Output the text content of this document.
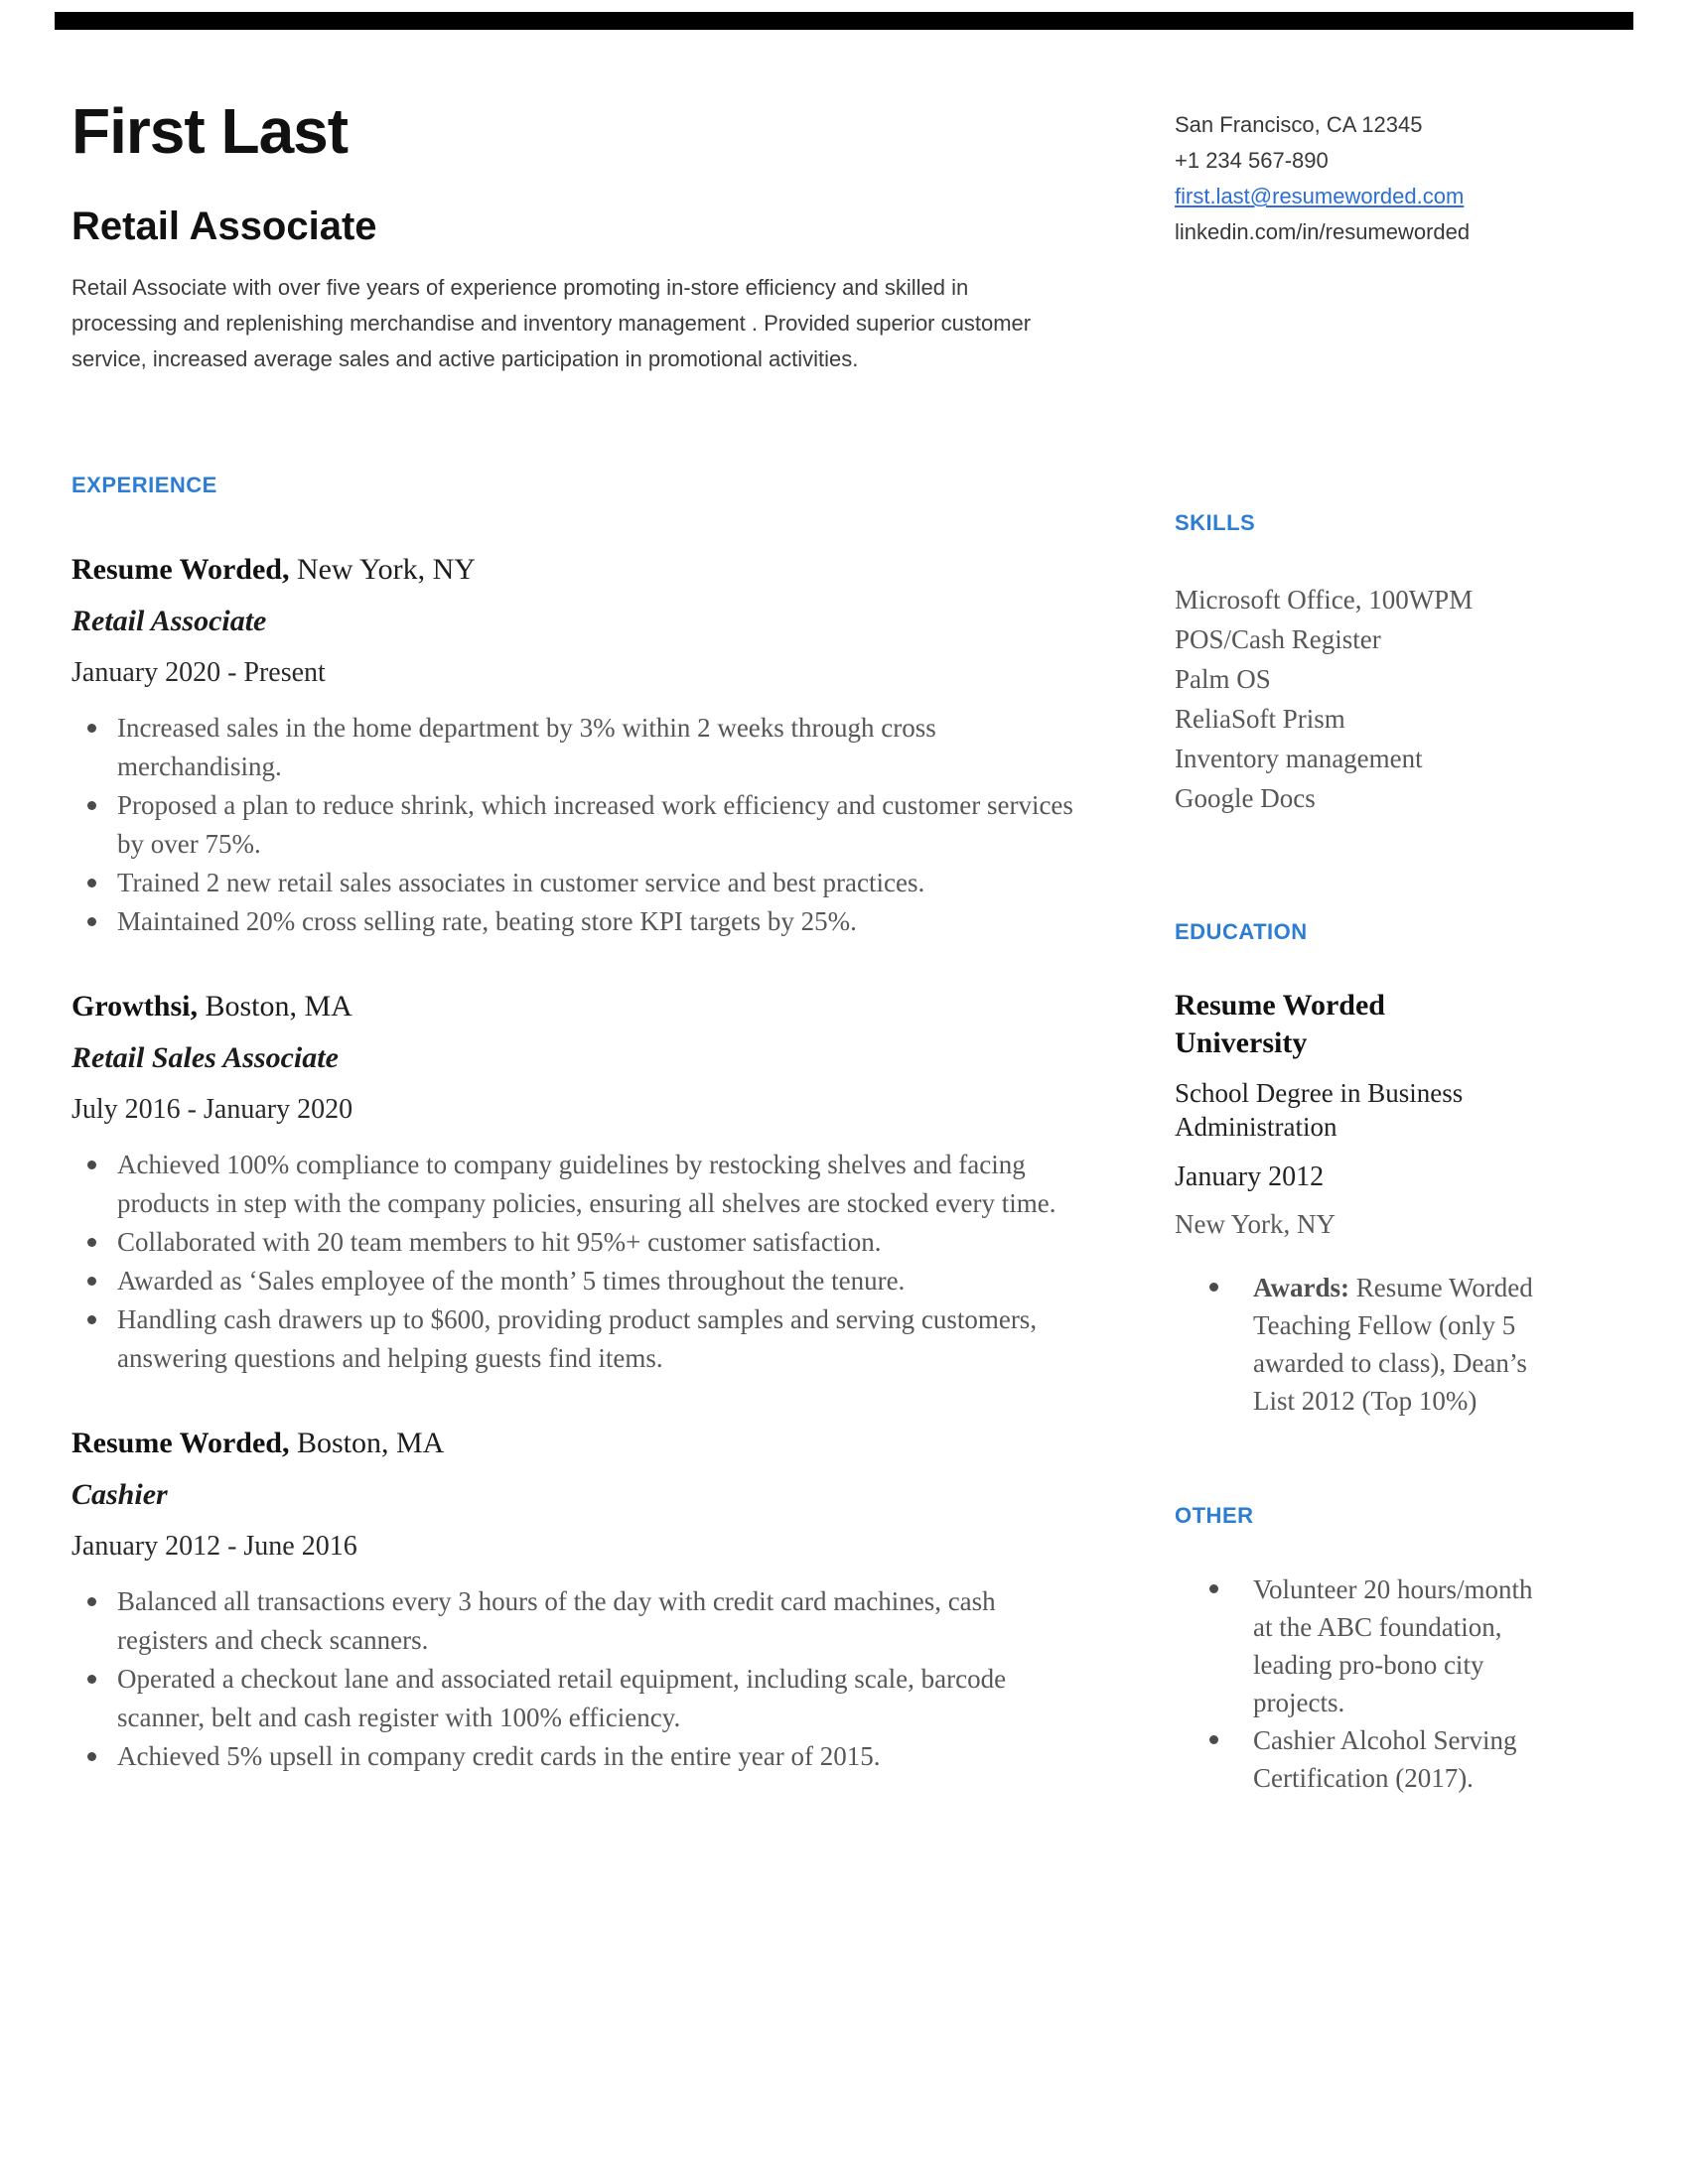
First Last
Retail Associate

Retail Associate with over five years of experience promoting in-store efficiency and skilled in processing and replenishing merchandise and inventory management . Provided superior customer service, increased average sales and active participation in promotional activities.

EXPERIENCE
Resume Worded, New York, NY
Retail Associate
January 2020 - Present
Increased sales in the home department by 3% within 2 weeks through cross merchandising.
Proposed a plan to reduce shrink, which increased work efficiency and customer services by over 75%.
Trained 2 new retail sales associates in customer service and best practices.
Maintained 20% cross selling rate, beating store KPI targets by 25%.
Growthsi, Boston, MA
Retail Sales Associate
July 2016 - January 2020
Achieved 100% compliance to company guidelines by restocking shelves and facing products in step with the company policies, ensuring all shelves are stocked every time.
Collaborated with 20 team members to hit 95%+ customer satisfaction.
Awarded as ‘Sales employee of the month’ 5 times throughout the tenure.
Handling cash drawers up to $600, providing product samples and serving customers, answering questions and helping guests find items.
Resume Worded, Boston, MA
Cashier
January 2012 - June 2016
Balanced all transactions every 3 hours of the day with credit card machines, cash registers and check scanners.
Operated a checkout lane and associated retail equipment, including scale, barcode scanner, belt and cash register with 100% efficiency.
Achieved 5% upsell in company credit cards in the entire year of 2015.
San Francisco, CA 12345
+1 234 567-890
first.last@resumeworded.com
linkedin.com/in/resumeworded
SKILLS
Microsoft Office, 100WPM
POS/Cash Register
Palm OS
ReliaSoft Prism
Inventory management
Google Docs
EDUCATION
Resume Worded University
School Degree in Business Administration
January 2012
New York, NY
Awards: Resume Worded Teaching Fellow (only 5 awarded to class), Dean’s List 2012 (Top 10%)
OTHER
Volunteer 20 hours/month at the ABC foundation, leading pro-bono city projects.
Cashier Alcohol Serving Certification (2017).
